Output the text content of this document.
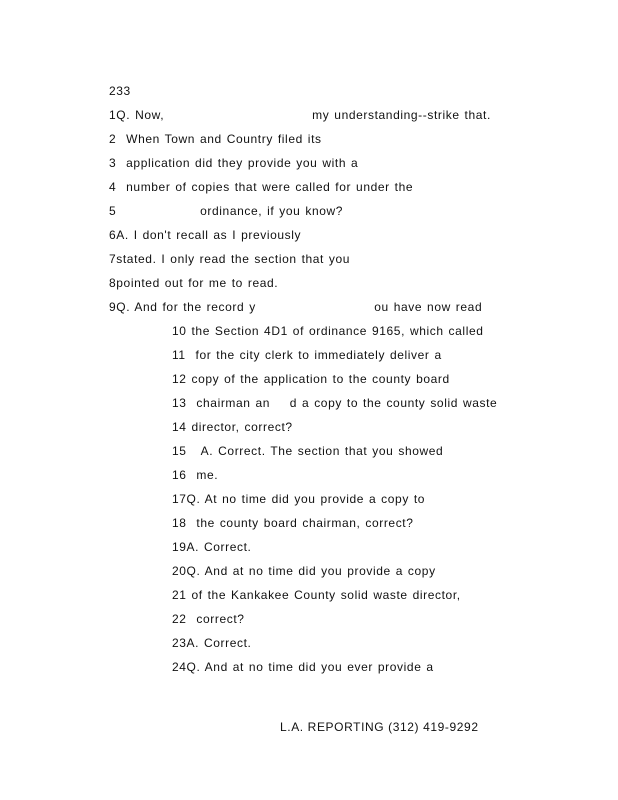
233
1Q. Now,                              my understanding--strike that.
2  When Town and Country filed its
3  application did they provide you with a
4  number of copies that were called for under the
5                 ordinance, if you know?
6A. I don't recall as I previously
7stated. I only read the section that you
8pointed out for me to read.
9Q. And for the record y                        ou have now read
10 the Section 4D1 of ordinance 9165, which called
11  for the city clerk to immediately deliver a
12 copy of the application to the county board
13  chairman an    d a copy to the county solid waste
14 director, correct?
15   A. Correct. The section that you showed
16  me.
17Q. At no time did you provide a copy to
18  the county board chairman, correct?
19A. Correct.
20Q. And at no time did you provide a copy
21 of the Kankakee County solid waste director,
22  correct?
23A. Correct.
24Q. And at no time did you ever provide a
L.A. REPORTING (312) 419-9292
